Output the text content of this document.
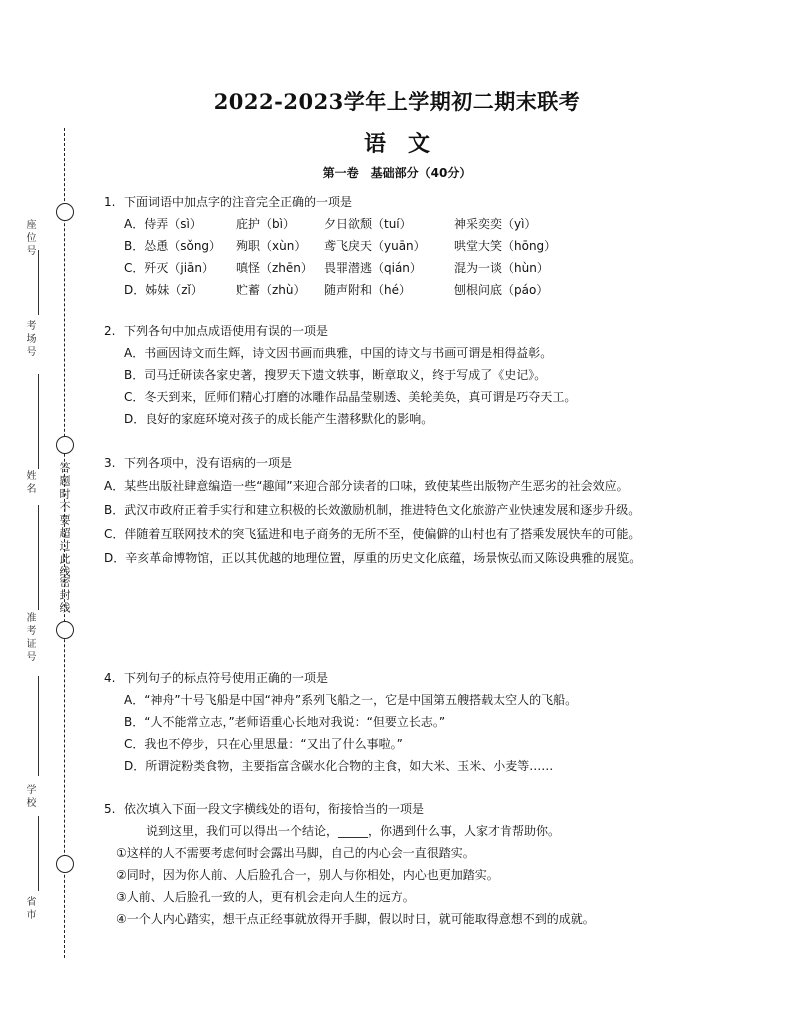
答题时不要超过此线
密封线
座位号
考场号
姓名
准考证号
学校
省市
2022-2023学年上学期初二期末联考
语　文
第一卷　基础部分（40分）
1. 下面词语中加点字的注音完全正确的一项是
A．侍弄（sì）	庇护（bì） 夕日欲颓（tuí）	神采奕奕（yì）
B．怂恿（sǒng） 殉职（xùn） 鸢飞戾天（yuān） 哄堂大笑（hōng）
C．歼灭（jiān） 嗔怪（zhēn） 畏罪潜逃（qián）	混为一谈（hùn）
D．姊妹（zǐ）	贮蓄（zhù） 随声附和（hé）	刨根问底（páo）
2. 下列各句中加点成语使用有误的一项是
A．书画因诗文而生辉，诗文因书画而典雅，中国的诗文与书画可谓是相得益彰。
B．司马迁研读各家史著，搜罗天下遗文轶事，断章取义，终于写成了《史记》。
C．冬天到来，匠师们精心打磨的冰雕作品晶莹剔透、美轮美奂，真可谓是巧夺天工。
D．良好的家庭环境对孩子的成长能产生潜移默化的影响。
3. 下列各项中，没有语病的一项是
A．某些出版社肆意编造一些“趣闻”来迎合部分读者的口味，致使某些出版物产生恶劣的社会效应。
B．武汉市政府正着手实行和建立积极的长效激励机制，推进特色文化旅游产业快速发展和逐步升级。
C．伴随着互联网技术的突飞猛进和电子商务的无所不至，使偏僻的山村也有了搭乘发展快车的可能。
D．辛亥革命博物馆，正以其优越的地理位置，厚重的历史文化底蕴，场景恢弘而又陈设典雅的展览。
4. 下列句子的标点符号使用正确的一项是
A．“神舟”十号飞船是中国“神舟”系列飞船之一，它是中国第五艘搭载太空人的飞船。
B．“人不能常立志，”老师语重心长地对我说：“但要立长志。”
C．我也不停步，只在心里思量：“又出了什么事啦。”
D．所谓淀粉类食物，主要指富含碳水化合物的主食，如大米、玉米、小麦等……
5. 依次填入下面一段文字横线处的语句，衔接恰当的一项是
说到这里，我们可以得出一个结论，_____，你遇到什么事，人家才肯帮助你。
①这样的人不需要考虑何时会露出马脚，自己的内心会一直很踏实。
②同时，因为你人前、人后脸孔合一，别人与你相处，内心也更加踏实。
③人前、人后脸孔一致的人，更有机会走向人生的远方。
④一个人内心踏实，想干点正经事就放得开手脚，假以时日，就可能取得意想不到的成就。
